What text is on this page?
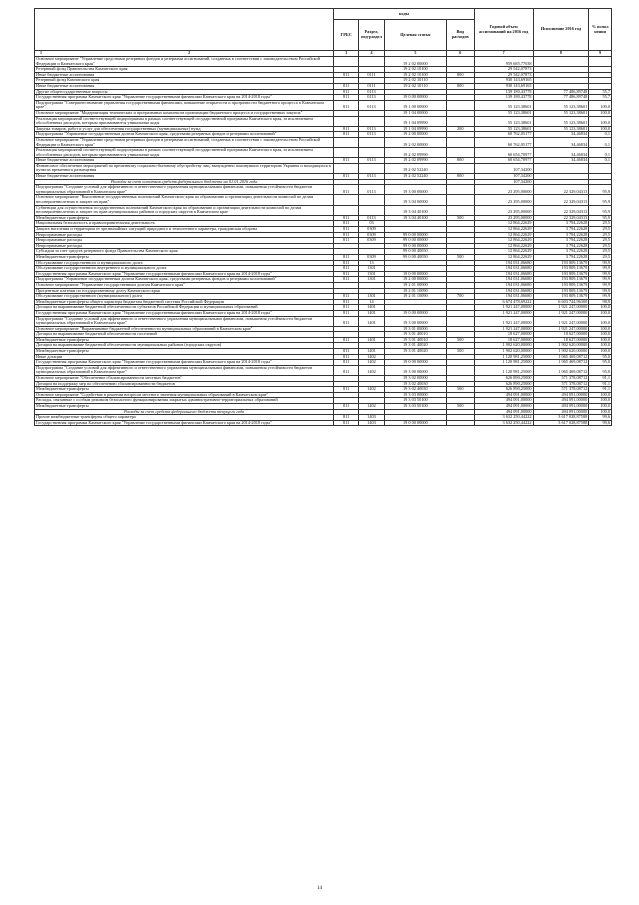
	коды				Годовой объем ассигнований на 2016 год	Исполнение 2016 год	% испол нения
	ГРБС	Раздел, под-раздел	Целевая статья	Вид расходов			

1 2	3	4	5	6	7	8	9
Основное мероприятие "Управление средствами резервных фондов и резервами ассигнований, созданных в соответствии с законодательством Российской Федерации и Камчатского края"			19 2 02 00000		959 685,77038		
Резервный фонд Правительства Камчатского края			19 2 02 10100		29 542,07873		
Иные бюджетные ассигнования	811	0111	19 2 02 10100	800	29 542,07873		
Резервный фонд Камчатского края			19 2 02 10110		930 143,69165		
Иные бюджетные ассигнования	811	0111	19 2 02 10110	800	930 143,69165		
Другие общегосударственные вопросы	811	0113			139 180,43778	77 486,89748	55,7
Государственная программа Камчатского края "Управление государственными финансами Камчатского края на 2014-2018 годы"	811	0113	19 0 00 00000		139 180,43778	77 486,89748	55,7
Подпрограмма "Совершенствование управления государственными финансами, повышение открытости и прозрачности бюджетного процесса в Камчатском крае"	811	0113	19 1 00 00000		55 123,38601	55 123,38601	100,0
Основное мероприятие "Модернизация технических и программных комплексов организации бюджетного процесса и государственных закупок"			19 1 04 00000		55 123,38601	55 123,38601	100,0
Реализация мероприятий соответствующей подпрограммы в рамках соответствующей государственной программы Камчатского края, за исключением обособленных расходов, которым присваиваются уникальные коды			19 1 04 09990		55 123,38601	55 123,38601	100,0
Закупка товаров, работ и услуг для обеспечения государственных (муниципальных) нужд	811	0113	19 1 04 09990	200	55 123,38601	55 123,38601	100,0
Подпрограмма "Управление государственным долгом Камчатского края, средствами резервных фондов и резервами ассигнований"	811	0113	19 2 00 00000		60 762,05177	34,46834	0,1
Основное мероприятие "Управление средствами резервных фондов и резервами ассигнований, созданных в соответствии с законодательством Российской Федерации и Камчатского края"			19 2 02 00000		60 762,05177	34,46834	0,1
Реализация мероприятий соответствующей подпрограммы в рамках соответствующей государственной программы Камчатского края, за исключением обособленных расходов, которым присваиваются уникальные коды			19 2 02 09990		60 654,70977	34,46834	0,1
Иные бюджетные ассигнования	811	0113	19 2 02 09990	800	60 654,70977	34,46834	0,1
Финансовое обеспечение мероприятий по временному социально-бытовому обустройству лиц, вынужденно покинувших территорию Украины и находящихся в пунктах временного размещения			19 2 02 52240		107,34200		
Иные бюджетные ассигнования	811	0113	19 2 02 52240	800	107,34200		
Расходы за счет остатков средств федерального бюджета на 01.01.2016 года					107,34200		
Подпрограмма "Создание условий для эффективного и ответственного управления муниципальными финансами, повышения устойчивости бюджетов муниципальных образований в Камчатском крае"	811	0113	19 3 00 00000		23 295,00000	22 329,04313	95,9
Основное мероприятие "Выполнение государственных полномочий Камчатского края по образованию и организации деятельности комиссий по делам несовершеннолетних и защите их прав"			19 3 04 00000		23 295,00000	22 329,04313	95,9
Субвенции для осуществления государственных полномочий Камчатского края по образованию и организации деятельности комиссий по делам несовершеннолетних и защите их прав муниципальных районов и городских округов в Камчатском крае			19 3 04 40100		23 295,00000	22 329,04313	95,9
Межбюджетные трансферты	811	0113	19 3 04 40100	500	23 295,00000	22 329,04313	95,9
Национальная безопасность и правоохранительная деятельность	811	03			12 864,22629	3 794,22628	29,5
Защита населения и территории от чрезвычайных ситуаций природного и техногенного характера, гражданская оборона	811	0309			12 864,22629	3 794,22628	29,5
Непрограммные расходы	811	0309	99 0 00 00000		12 864,22629	3 794,22628	29,5
Непрограммные расходы	811	0309	99 0 00 00000		12 864,22629	3 794,22628	29,5
Непрограммные расходы			99 0 00 00000		12 864,22629	3 794,22628	29,5
Субсидии за счет средств резервного фонда Правительства Камчатского края			99 0 00 40050		12 864,22629	3 794,22628	29,5
Межбюджетные трансферты	811	0309	99 0 00 40050	500	12 864,22629	3 794,22628	29,5
Обслуживание государственного и муниципального долга	811	13			194 031,06680	193 809,13679	99,9
Обслуживание государственного внутреннего и муниципального долга	811	1301			194 031,06680	193 809,13679	99,9
Государственная программа Камчатского края "Управление государственными финансами Камчатского края на 2014-2018 годы"	811	1301	19 0 00 00000		194 031,06680	193 809,13679	99,9
Подпрограмма "Управление государственным долгом Камчатского края, средствами резервных фондов и резервами ассигнований"	811	1301	19 2 00 00000		194 031,06680	193 809,13679	99,9
Основное мероприятие "Управление государственным долгом Камчатского края"			19 2 01 00000		194 031,06680	193 809,13679	99,9
Процентные платежи по государственному долгу Камчатского края			19 2 01 10090		194 031,06680	193 809,13679	99,9
Обслуживание государственного (муниципального) долга	811	1301	19 2 01 10090	700	194 031,06680	193 809,13679	99,9
Межбюджетные трансферты общего характера бюджетам бюджетной системы Российской Федерации	811	14			6 674 478,69222	6 603 744,96300	98,9
Дотации на выравнивание бюджетной обеспеченности субъектов Российской Федерации и муниципальных образований	811	1401			1 921 247,00000	1 921 247,00000	100,0
Государственная программа Камчатского края "Управление государственными финансами Камчатского края на 2014-2018 годы"	811	1401	19 0 00 00000		1 921 247,00000	1 921 247,00000	100,0
Подпрограмма "Создание условий для эффективного и ответственного управления муниципальными финансами, повышения устойчивости бюджетов муниципальных образований в Камчатском крае"	811	1401	19 3 00 00000		1 921 247,00000	1 921 247,00000	100,0
Основное мероприятие "Выравнивание бюджетной обеспеченности муниципальных образований в Камчатском крае"			19 3 01 00000		1 921 247,00000	1 921 247,00000	100,0
Дотации на выравнивание бюджетной обеспеченности поселений			19 3 01 40010		18 627,00000	18 627,00000	100,0
Межбюджетные трансферты	811	1401	19 3 01 40010	500	18 627,00000	18 627,00000	100,0
Дотации на выравнивание бюджетной обеспеченности муниципальных районов (городских округов)			19 3 01 40020		1 902 620,00000	1 902 620,00000	100,0
Межбюджетные трансферты	811	1401	19 3 01 40020	500	1 902 620,00000	1 902 620,00000	100,0
Иные дотации	811	1402			1 120 981,25000	1 065 469,08712	95,0
Государственная программа Камчатского края "Управление государственными финансами Камчатского края на 2014-2018 годы"	811	1402	19 0 00 00000		1 120 981,25000	1 065 469,08712	95,0
Подпрограмма "Создание условий для эффективного и ответственного управления муниципальными финансами, повышения устойчивости бюджетов муниципальных образований в Камчатском крае"	811	1402	19 3 00 00000		1 120 981,25000	1 065 469,08712	95,0
Основное мероприятие "Обеспечение сбалансированности местных бюджетов"			19 3 02 00000		626 890,25000	571 378,08712	91,1
Дотации на поддержку мер по обеспечению сбалансированности бюджетов			19 3 02 40030		626 890,25000	571 378,08712	91,1
Межбюджетные трансферты	811	1402	19 3 02 40030	500	626 890,25000	571 378,08712	91,1
Основное мероприятие "Содействие в решении вопросов местного значения муниципальных образований в Камчатском крае"			19 3 03 00000		494 091,00000	494 091,00000	100,0
Расходы, связанные с особым режимом безопасного функционирования закрытых административно-территориальных образований			19 3 03 50100		494 091,00000	494 091,00000	100,0
Межбюджетные трансферты	811	1402	19 3 03 50100	500	494 091,00000	494 091,00000	100,0
Расходы за счет средств федерального бюджета текущего года					494 091,00000	494 091,00000	100,0
Прочие межбюджетные трансферты общего характера	811	1403			3 632 250,44222	3 617 028,87588	99,6
Государственная программа Камчатского края "Управление государственными финансами Камчатского края на 2014-2018 годы"	811	1403	19 0 00 00000		3 632 250,44222	3 617 028,87588	99,6
14
